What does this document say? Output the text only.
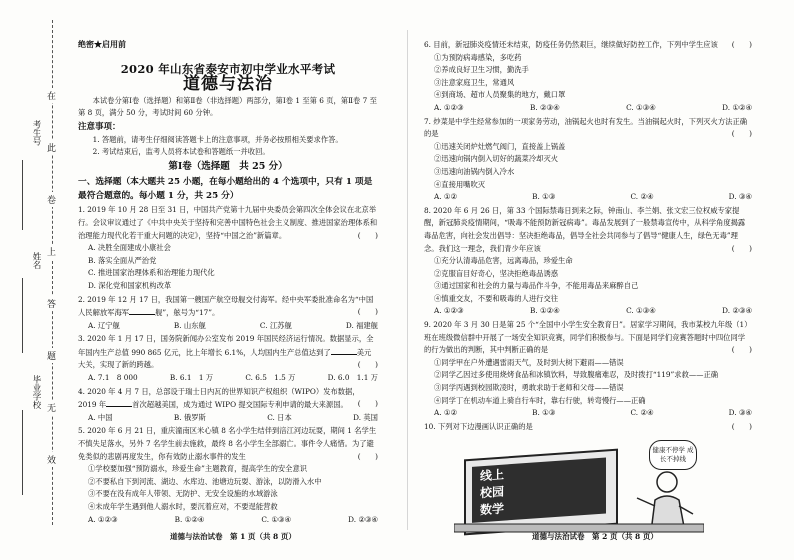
考生号
姓名
毕业学校
在
此
卷
上
答
题
无
效
绝密★启用前
2020 年山东省泰安市初中学业水平考试
道德与法治
本试卷分第Ⅰ卷（选择题）和第Ⅱ卷（非选择题）两部分，第Ⅰ卷 1 至第 6 页，第Ⅱ卷 7 至第 8 页，满分 50 分，考试时间 60 分钟。
注意事项：
1. 答题前，请考生仔细阅读答题卡上的注意事项，并务必按照相关要求作答。
2. 考试结束后，监考人员将本试卷和答题纸一并收回。
第Ⅰ卷（选择题　共 25 分）
一、选择题（本大题共 25 小题，在每小题给出的 4 个选项中，只有 1 项是最符合题意的。每小题 1 分，共 25 分）
1. 2019 年 10 月 28 日至 31 日，中国共产党第十九届中央委员会第四次全体会议在北京举行。会议审议通过了《中共中央关于坚持和完善中国特色社会主义制度、推进国家治理体系和治理能力现代化若干重大问题的决定》，坚持“中国之治”新篇章。	(　　)
A. 决胜全面建成小康社会
B. 落实全面从严治党
C. 推进国家治理体系和治理能力现代化
D. 深化党和国家机构改革
2. 2019 年 12 月 17 日，我国第一艘国产航空母舰交付海军。经中央军委批准命名为“中国人民解放军海军	舰”，舷号为“17”。	(　　)
A. 辽宁舰	B. 山东舰	C. 江苏舰	D. 福建舰
3. 2020 年 1 月 17 日，国务院新闻办公室发布 2019 年国民经济运行情况。数据显示，全年国内生产总值 990 865 亿元，比上年增长 6.1%，人均国内生产总值达到了	美元大关，实现了新的跨越。	(　　)
A. 7.1　8 000	B. 6.1　1 万	C. 6.5　1.5 万	D. 6.0　1.1 万
4. 2020 年 4 月 7 日，总部设于瑞士日内瓦的世界知识产权组织（WIPO）发布数据，2019 年	首次超越美国，成为通过 WIPO 提交国际专利申请的最大来源国。 (　　)
A. 中国	B. 俄罗斯	C. 日本	D. 英国
5. 2020 年 6 月 21 日，重庆潼南区米心镇 8 名小学生结伴到涪江河边玩耍，期间 1 名学生不慎失足落水，另外 7 名学生前去施救，最终 8 名小学生全部溺亡。事件令人痛惜。为了避免类似的悲剧再度发生，你有效防止溺水事件的发生	(　　)
①学校要加强“预防溺水，珍爱生命”主题教育，提高学生的安全意识
②不要私自下到河流、湖边、水库边、池塘边玩耍、游泳，以防滑入水中
③不要在没有成年人带领、无防护、无安全设施的水域游泳
④未成年学生遇到他人溺水时，要沉着应对，不要逞能营救
A. ①②③	B. ①②④	C. ①③④	D. ②③④
6. 目前，新冠肺炎疫情还未结束，防疫任务仍然艰巨，继续做好防控工作，下列中学生应该 (　　)
①为预防病毒感染，多吃药
②养成良好卫生习惯，勤洗手
③注意家庭卫生，常通风
④到商场、超市人员聚集的地方，戴口罩
A. ①②③	B. ②③④	C. ①③④	D. ①②④
7. 炒菜是中学生经常参加的一项家务劳动，油锅起火也时有发生。当油锅起火时，下列灭火方法正确的是	(　　)
①迅速关闭炉灶燃气阀门，直接盖上锅盖
②迅速向锅内倒入切好的蔬菜冷却灭火
③迅速向油锅内倒入冷水
④直接用嘴吹灭
A. ①②	B. ①③	C. ②④	D. ③④
8. 2020 年 6 月 26 日，第 33 个国际禁毒日到来之际，钟南山、李兰娟、张文宏三位权威专家提醒，新冠肺炎疫情期间，“吸毒不能预防新冠病毒”。毒品发展到了一般禁毒宣传中，从科学角度揭露毒品危害，向社会发出倡导：坚决拒绝毒品，倡导全社会共同参与了倡导“健康人生，绿色无毒”理念。我们这一理念，我们青少年应该	(　　)
①充分认清毒品危害，远离毒品，珍爱生命
②克服盲目好奇心，坚决拒绝毒品诱惑
③通过国家和社会的力量与毒品作斗争，不能用毒品来麻醉自己
④慎重交友，不要和吸毒的人进行交往
A. ①②③	B. ①②④	C. ①③④	D. ②③④
9. 2020 年 3 月 30 日是第 25 个“全国中小学生安全教育日”。居家学习期间，我市某校九年级（1）班在班级微信群中开展了一场安全知识竞赛，同学们积极参与。下面是同学们竞赛答题时中四位同学的行为做出的判断，其中判断正确的是	(　　)
①同学甲在户外遭遇雷雨天气，及时到大树下避雨——错误
②同学乙因过多使用烧烤食品和冰镇饮料，导致腹痛难忍，及时拨打“119”求救——正确
③同学丙遇到校园欺凌时，勇敢求助于老师和父母——错误
④同学丁在机动车道上骑自行车时，靠右行驶，转弯慢行——正确
A. ①②	B. ①③	C. ②④	D. ③④
10. 下列对下边漫画认识正确的是	(　　)
线上
校园
数学
健康不停学 成长不掉线
道德与法治试卷　第 1 页（共 8 页）	道德与法治试卷　第 2 页（共 8 页）
